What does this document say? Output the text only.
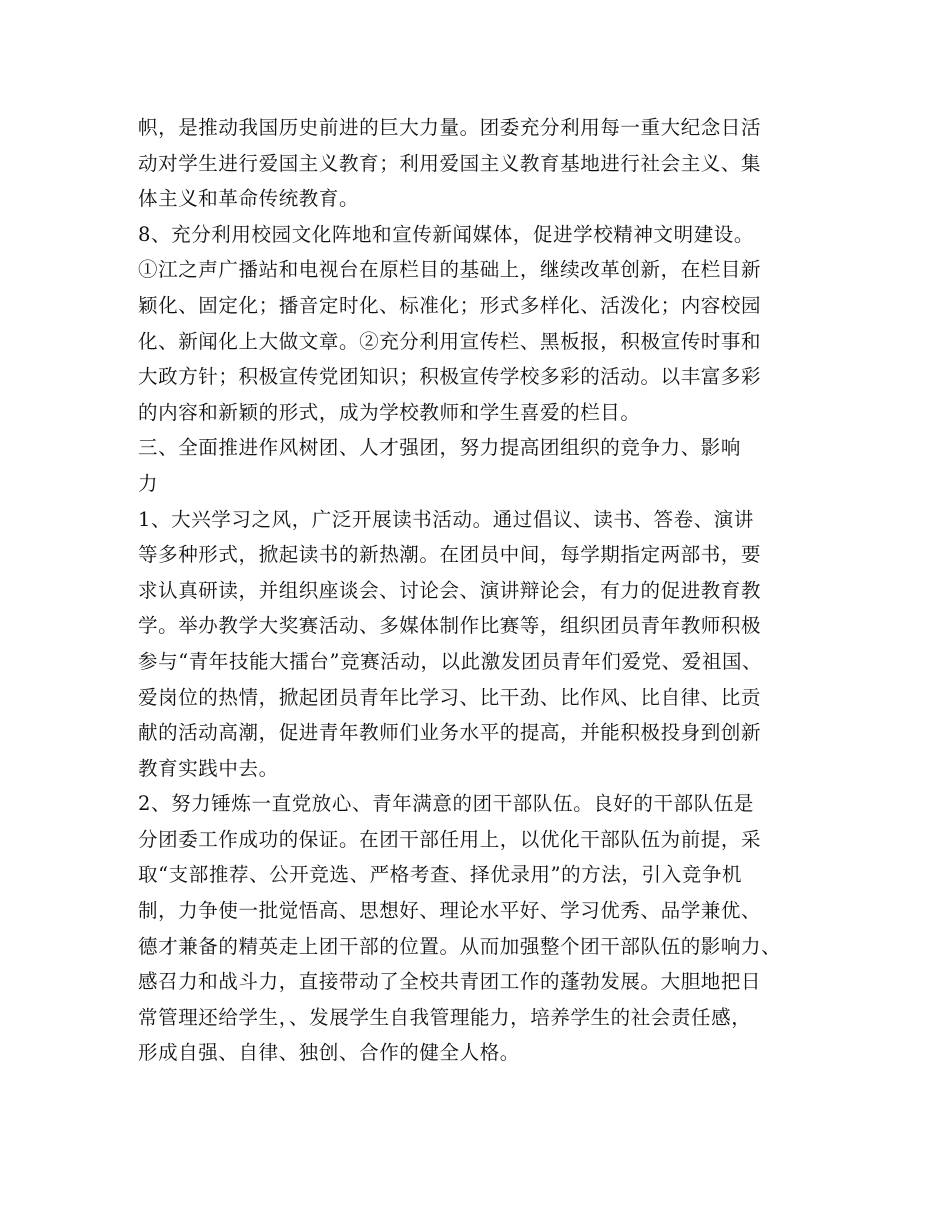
帜，是推动我国历史前进的巨大力量。团委充分利用每一重大纪念日活
动对学生进行爱国主义教育；利用爱国主义教育基地进行社会主义、集
体主义和革命传统教育。
8、充分利用校园文化阵地和宣传新闻媒体，促进学校精神文明建设。
①江之声广播站和电视台在原栏目的基础上，继续改革创新，在栏目新
颖化、固定化；播音定时化、标准化；形式多样化、活泼化；内容校园
化、新闻化上大做文章。②充分利用宣传栏、黑板报，积极宣传时事和
大政方针；积极宣传党团知识；积极宣传学校多彩的活动。以丰富多彩
的内容和新颖的形式，成为学校教师和学生喜爱的栏目。
三、全面推进作风树团、人才强团，努力提高团组织的竞争力、影响
力
1、大兴学习之风，广泛开展读书活动。通过倡议、读书、答卷、演讲
等多种形式，掀起读书的新热潮。在团员中间，每学期指定两部书，要
求认真研读，并组织座谈会、讨论会、演讲辩论会，有力的促进教育教
学。举办教学大奖赛活动、多媒体制作比赛等，组织团员青年教师积极
参与“青年技能大擂台”竞赛活动，以此激发团员青年们爱党、爱祖国、
爱岗位的热情，掀起团员青年比学习、比干劲、比作风、比自律、比贡
献的活动高潮，促进青年教师们业务水平的提高，并能积极投身到创新
教育实践中去。
2、努力锤炼一直党放心、青年满意的团干部队伍。良好的干部队伍是
分团委工作成功的保证。在团干部任用上，以优化干部队伍为前提，采
取“支部推荐、公开竞选、严格考查、择优录用”的方法，引入竞争机
制，力争使一批觉悟高、思想好、理论水平好、学习优秀、品学兼优、
德才兼备的精英走上团干部的位置。从而加强整个团干部队伍的影响力、
感召力和战斗力，直接带动了全校共青团工作的蓬勃发展。大胆地把日
常管理还给学生，、发展学生自我管理能力，培养学生的社会责任感，
形成自强、自律、独创、合作的健全人格。
